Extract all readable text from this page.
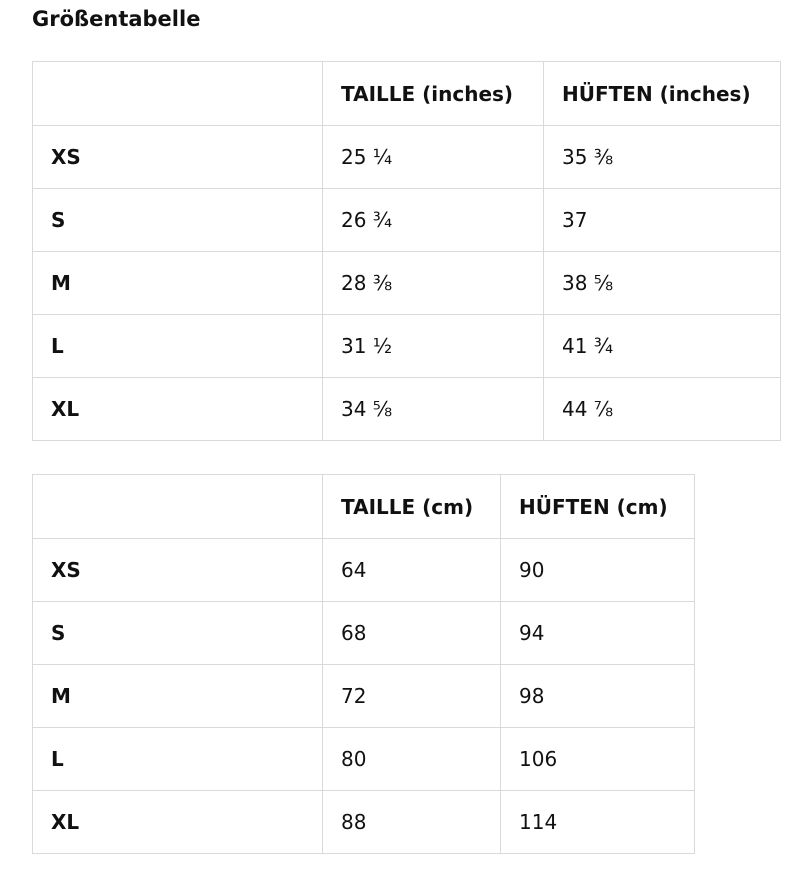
Größentabelle
	TAILLE (inches)	HÜFTEN (inches)
XS	25 ¼	35 ⅜
S	26 ¾	37
M	28 ⅜	38 ⅝
L	31 ½	41 ¾
XL	34 ⅝	44 ⅞
	TAILLE (cm)	HÜFTEN (cm)
XS	64	90
S	68	94
M	72	98
L	80	106
XL	88	114
